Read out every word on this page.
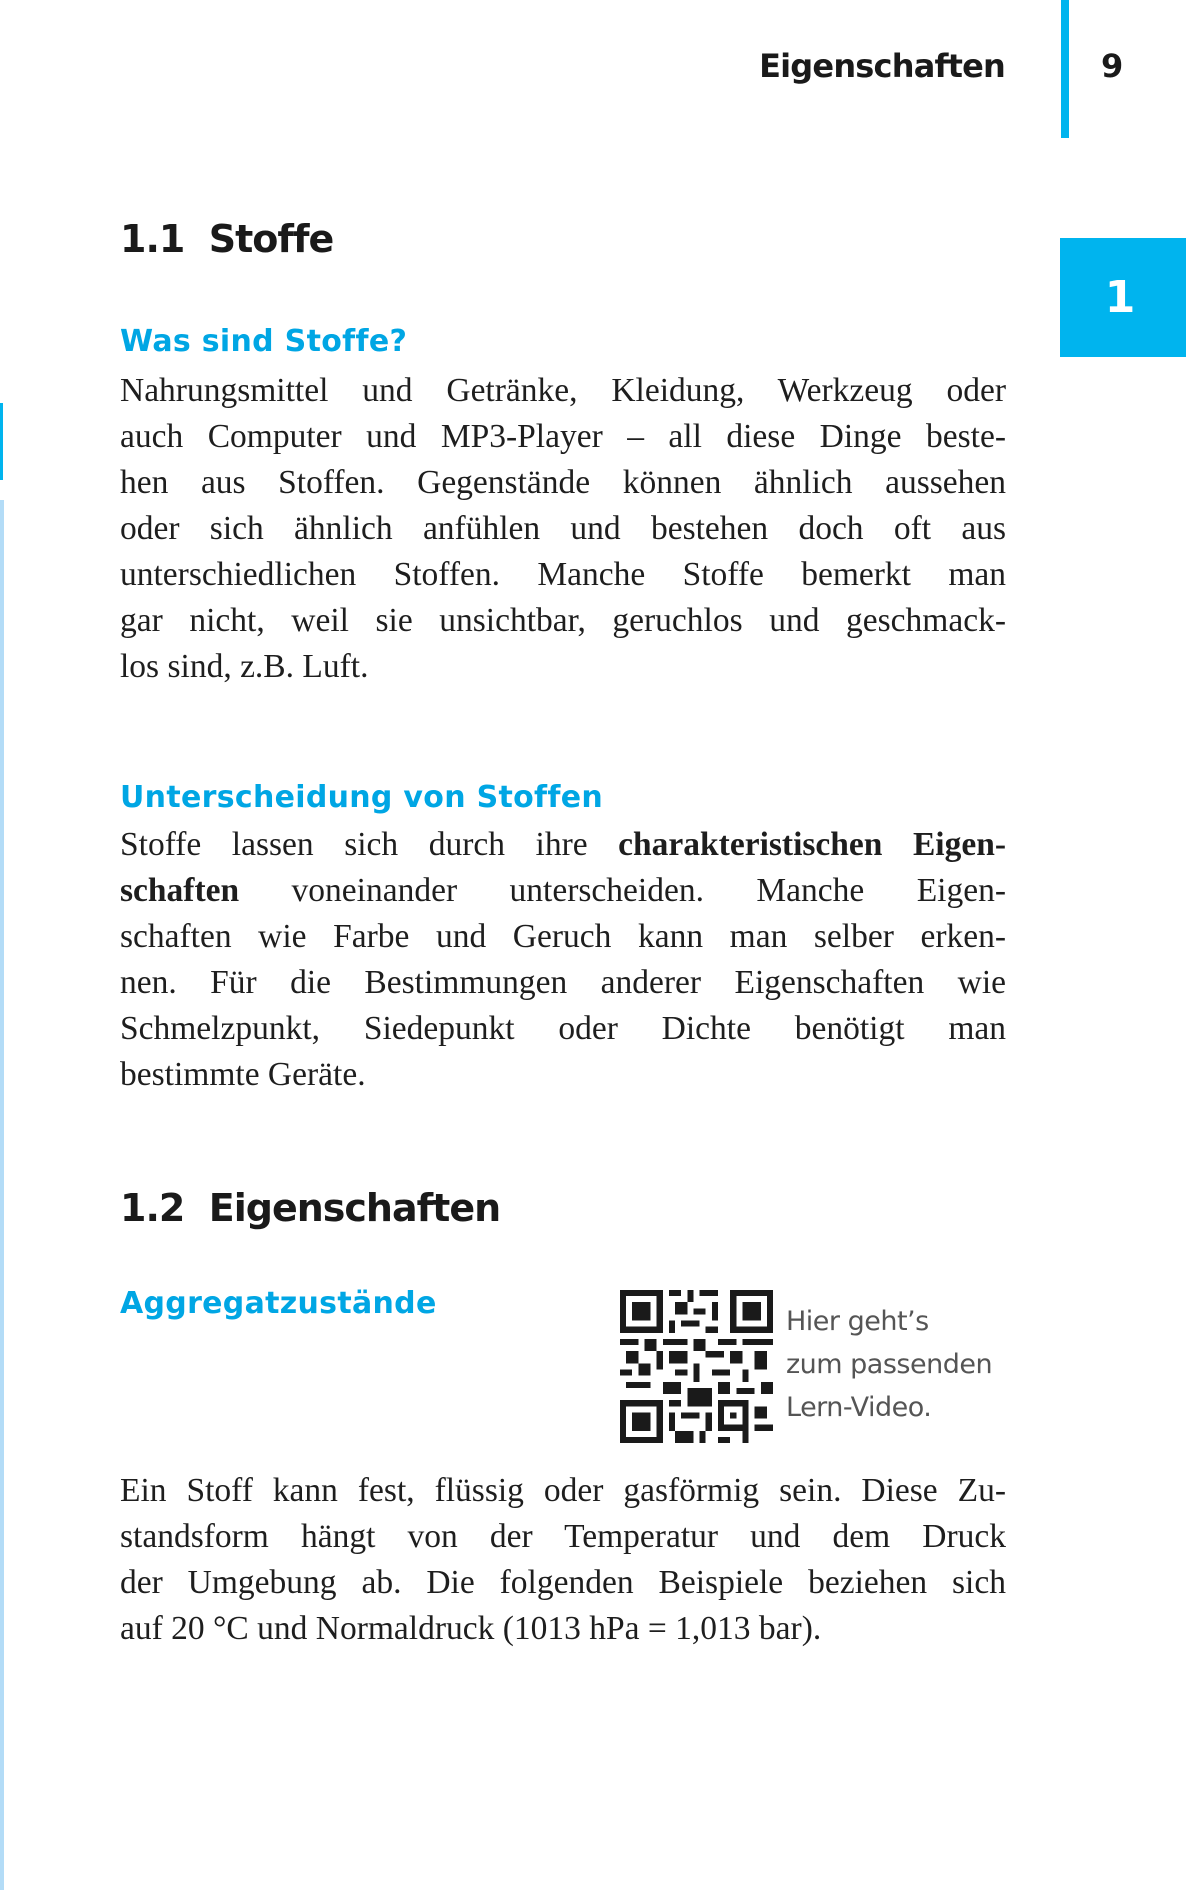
Eigenschaften	9
1
1.1  Stoffe
Was sind Stoffe?

Nahrungsmittel und Getränke, Kleidung, Werkzeug oder
auch Computer und MP3-Player – all diese Dinge beste-
hen aus Stoffen. Gegenstände können ähnlich aussehen
oder sich ähnlich anfühlen und bestehen doch oft aus
unterschiedlichen Stoffen. Manche Stoffe bemerkt man
gar nicht, weil sie unsichtbar, geruchlos und geschmack-
los sind, z.B. Luft.

Unterscheidung von Stoffen

Stoffe lassen sich durch ihre charakteristischen Eigen-
schaften voneinander unterscheiden. Manche Eigen-
schaften wie Farbe und Geruch kann man selber erken-
nen. Für die Bestimmungen anderer Eigenschaften wie
Schmelzpunkt, Siedepunkt oder Dichte benötigt man
bestimmte Geräte.

1.2  Eigenschaften
Aggregatzustände
Hier geht’s
zum passenden
Lern-Video.

Ein Stoff kann fest, flüssig oder gasförmig sein. Diese Zu-
standsform hängt von der Temperatur und dem Druck
der Umgebung ab. Die folgenden Beispiele beziehen sich
auf 20 °C und Normaldruck (1013 hPa = 1,013 bar).
